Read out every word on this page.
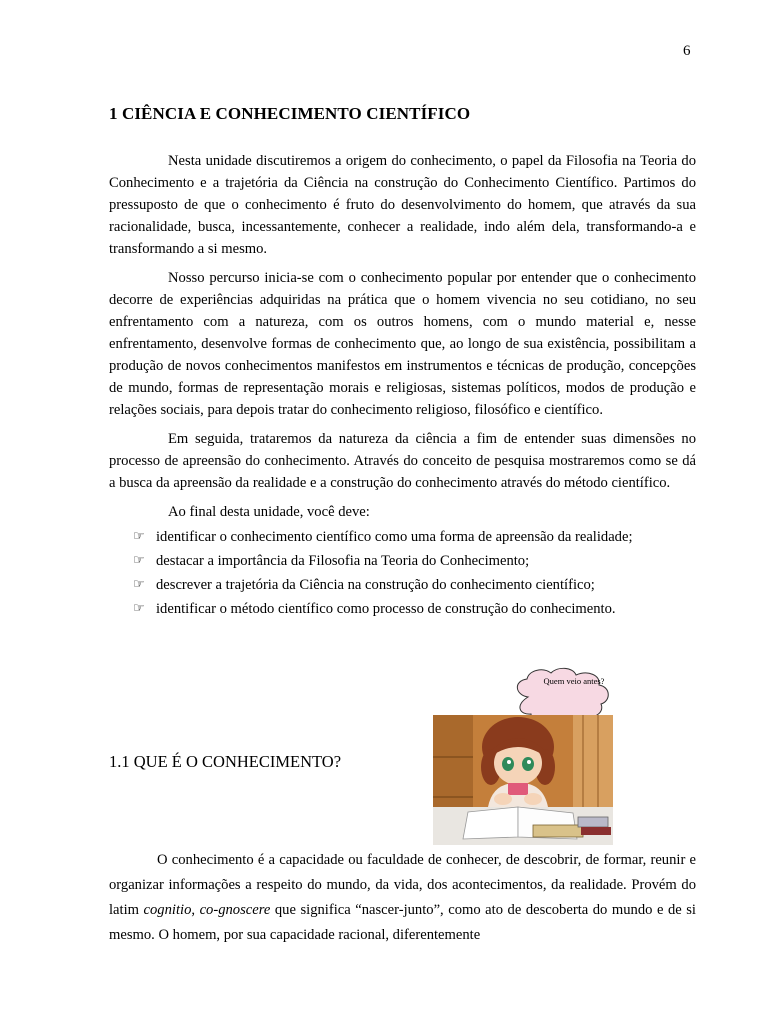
6
1 CIÊNCIA E CONHECIMENTO CIENTÍFICO

Nesta unidade discutiremos a origem do conhecimento, o papel da Filosofia na Teoria do Conhecimento e a trajetória da Ciência na construção do Conhecimento Científico. Partimos do pressuposto de que o conhecimento é fruto do desenvolvimento do homem, que através da sua racionalidade, busca, incessantemente, conhecer a realidade, indo além dela, transformando-a e transformando a si mesmo.

Nosso percurso inicia-se com o conhecimento popular por entender que o conhecimento decorre de experiências adquiridas na prática que o homem vivencia no seu cotidiano, no seu enfrentamento com a natureza, com os outros homens, com o mundo material e, nesse enfrentamento, desenvolve formas de conhecimento que, ao longo de sua existência, possibilitam a produção de novos conhecimentos manifestos em instrumentos e técnicas de produção, concepções de mundo, formas de representação morais e religiosas, sistemas políticos, modos de produção e relações sociais, para depois tratar do conhecimento religioso, filosófico e científico.

Em seguida, trataremos da natureza da ciência a fim de entender suas dimensões no processo de apreensão do conhecimento. Através do conceito de pesquisa mostraremos como se dá a busca da apreensão da realidade e a construção do conhecimento através do método científico.

Ao final desta unidade, você deve:

☞ identificar o conhecimento científico como uma forma de apreensão da realidade;
☞ destacar a importância da Filosofia na Teoria do Conhecimento;
☞ descrever a trajetória da Ciência na construção do conhecimento científico;
☞ identificar o método científico como processo de construção do conhecimento.
Quem veio antes?
1.1 QUE É O CONHECIMENTO?

O conhecimento é a capacidade ou faculdade de conhecer, de descobrir, de formar, reunir e organizar informações a respeito do mundo, da vida, dos acontecimentos, da realidade. Provém do latim cognitio, co-gnoscere que significa “nascer-junto”, como ato de descoberta do mundo e de si mesmo. O homem, por sua capacidade racional, diferentemente
